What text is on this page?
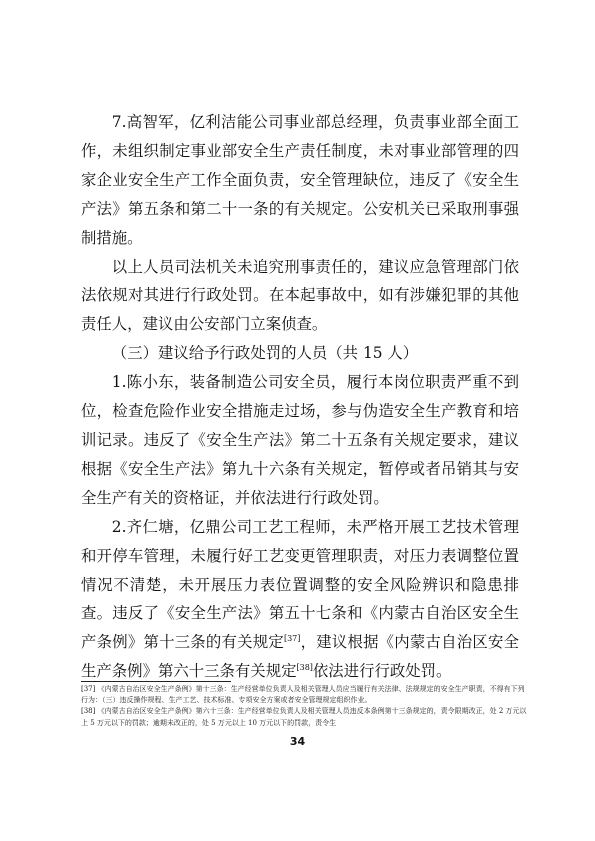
7.高智军，亿利洁能公司事业部总经理，负责事业部全面工作，未组织制定事业部安全生产责任制度，未对事业部管理的四家企业安全生产工作全面负责，安全管理缺位，违反了《安全生产法》第五条和第二十一条的有关规定。公安机关已采取刑事强制措施。

以上人员司法机关未追究刑事责任的，建议应急管理部门依法依规对其进行行政处罚。在本起事故中，如有涉嫌犯罪的其他责任人，建议由公安部门立案侦查。

（三）建议给予行政处罚的人员（共 15 人）

1.陈小东，装备制造公司安全员，履行本岗位职责严重不到位，检查危险作业安全措施走过场，参与伪造安全生产教育和培训记录。违反了《安全生产法》第二十五条有关规定要求，建议根据《安全生产法》第九十六条有关规定，暂停或者吊销其与安全生产有关的资格证，并依法进行行政处罚。

2.齐仁塘，亿鼎公司工艺工程师，未严格开展工艺技术管理和开停车管理，未履行好工艺变更管理职责，对压力表调整位置情况不清楚，未开展压力表位置调整的安全风险辨识和隐患排查。违反了《安全生产法》第五十七条和《内蒙古自治区安全生产条例》第十三条的有关规定[37]，建议根据《内蒙古自治区安全生产条例》第六十三条有关规定[38]依法进行行政处罚。

[37] 《内蒙古自治区安全生产条例》第十三条：生产经营单位负责人及相关管理人员应当履行有关法律、法规规定的安全生产职责，不得有下列行为：（三）违反操作规程、生产工艺、技术标准、专项安全方案或者安全管理规定组织作业。

[38] 《内蒙古自治区安全生产条例》第六十三条：生产经营单位负责人及相关管理人员违反本条例第十三条规定的，责令限期改正，处 2 万元以上 5 万元以下的罚款；逾期未改正的，处 5 万元以上 10 万元以下的罚款，责令生

34
